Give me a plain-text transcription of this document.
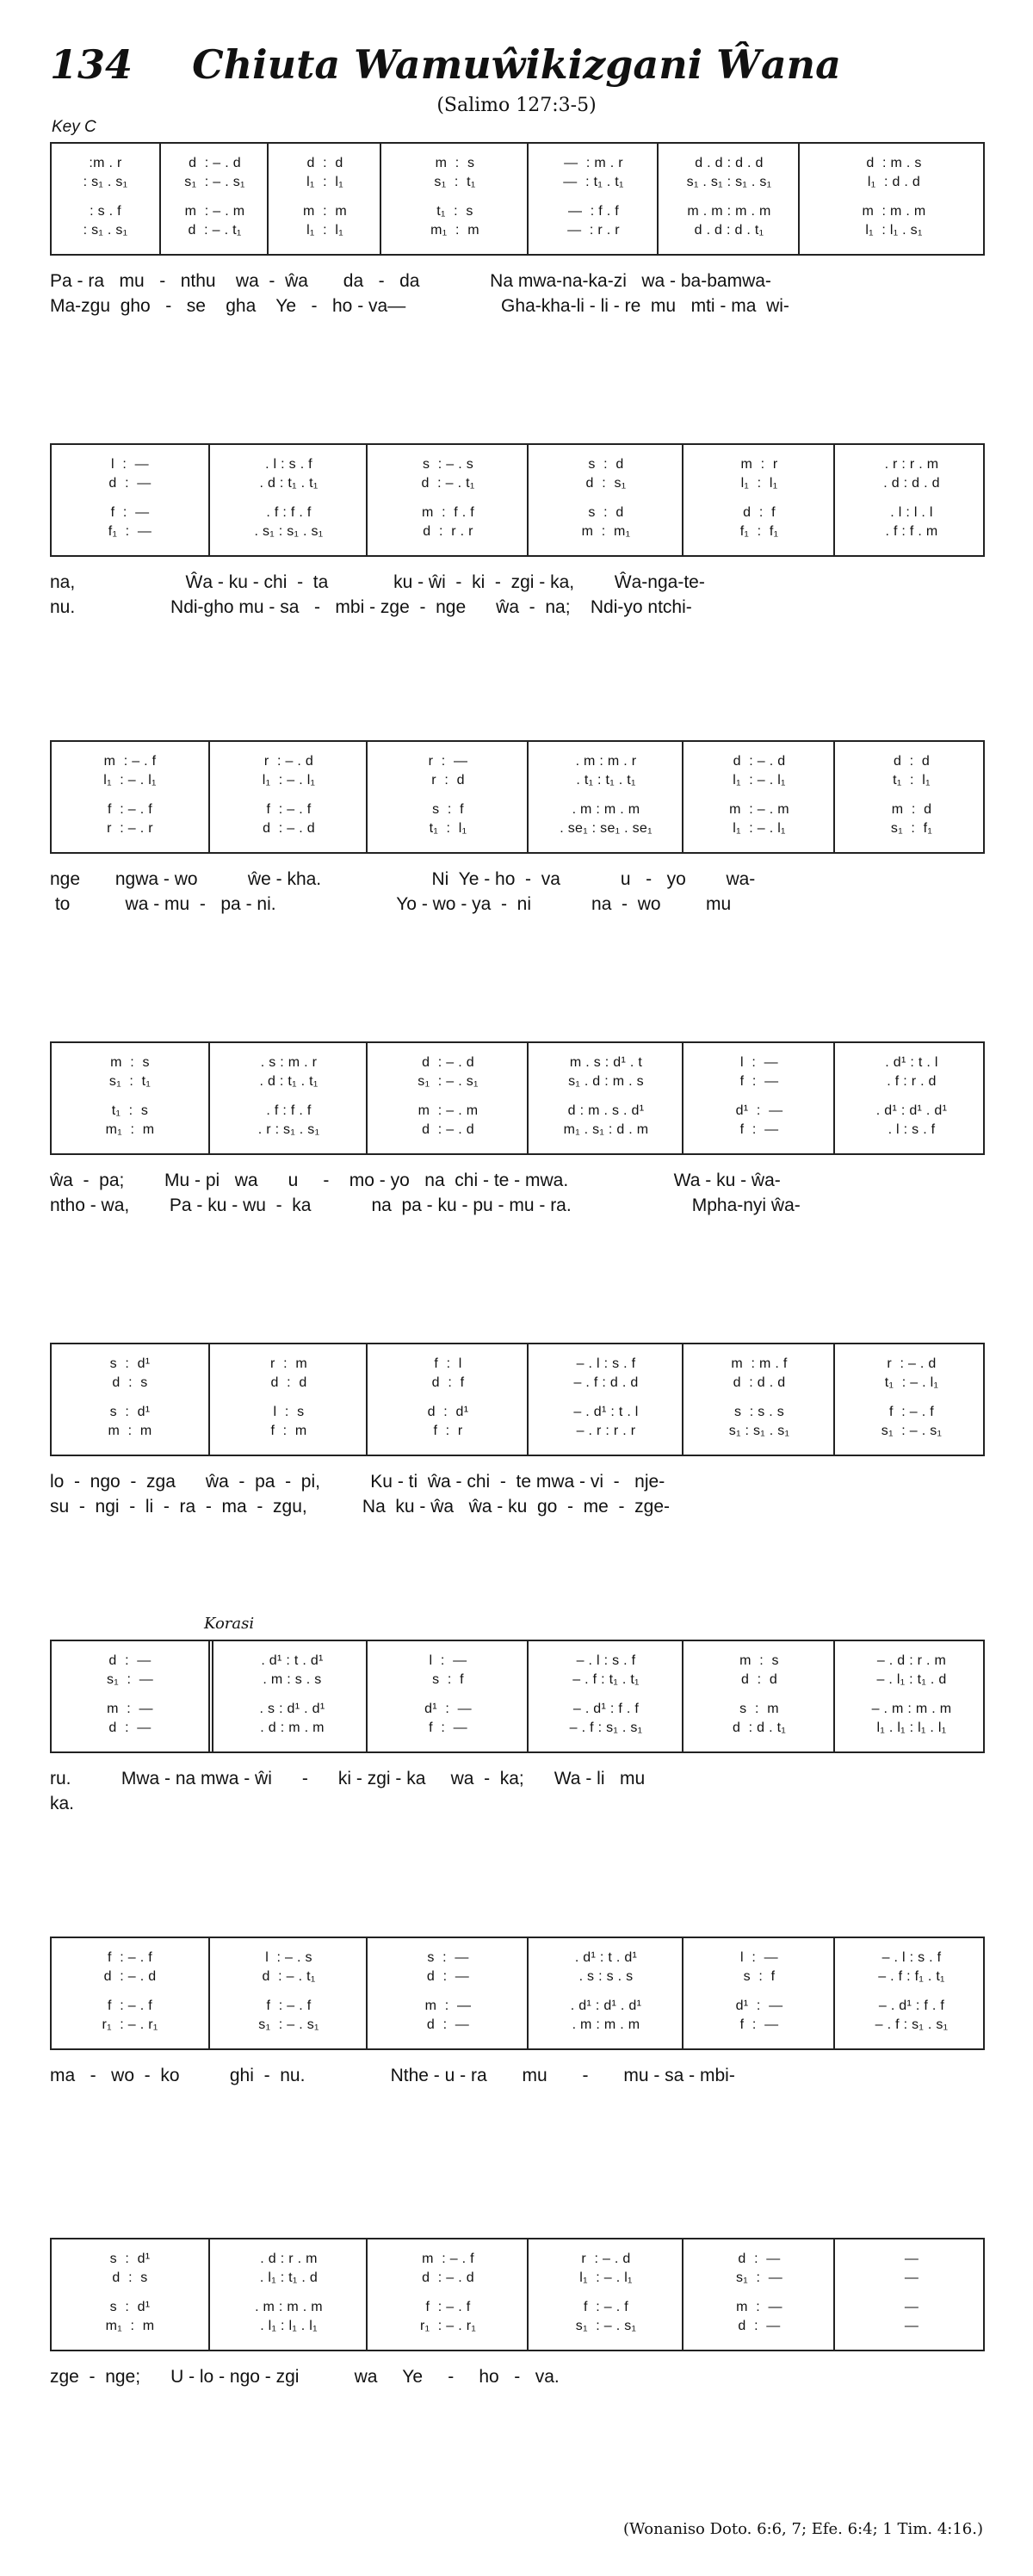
134	Chiuta Wamuŵikizgani Ŵana
(Salimo 127:3-5)
Key C
Korasi
:m . r
: s₁ . s₁
: s . f
: s₁ . s₁
d  : – . d
s₁  : – . s₁
m  : – . m
d  : – . t₁
d  :  d
l₁  :  l₁
m  :  m
l₁  :  l₁
m  :  s
s₁  :  t₁
t₁  :  s
m₁  :  m
—  : m . r
—  : t₁ . t₁
—  : f . f
—  : r . r
d . d : d . d
s₁ . s₁ : s₁ . s₁
m . m : m . m
d . d : d . t₁
d  : m . s
l₁  : d . d
m  : m . m
l₁  : l₁ . s₁
Pa - ra   mu   -   nthu    wa  -  ŵa       da   -   da              Na mwa-na-ka-zi   wa - ba-bamwa-
Ma-zgu  gho   -   se    gha    Ye   -   ho - va—                   Gha-kha-li - li - re  mu   mti - ma  wi-
l  :  —
d  :  —
f  :  —
f₁  :  —
. l : s . f
. d : t₁ . t₁
. f : f . f
. s₁ : s₁ . s₁
s  : – . s
d  : – . t₁
m  :  f . f
d  :  r . r
s  :  d
d  :  s₁
s  :  d
m  :  m₁
m  :  r
l₁  :  l₁
d  :  f
f₁  :  f₁
. r : r . m
. d : d . d
. l : l . l
. f : f . m
na,                      Ŵa - ku - chi  -  ta             ku - ŵi  -  ki  -  zgi - ka,        Ŵa-nga-te-
nu.                   Ndi-gho mu - sa   -   mbi - zge  -  nge      ŵa  -  na;    Ndi-yo ntchi-
m  : – . f
l₁  : – . l₁
f  : – . f
r  : – . r
r  : – . d
l₁  : – . l₁
f  : – . f
d  : – . d
r  :  —
r  :  d
s  :  f
t₁  :  l₁
. m : m . r
. t₁ : t₁ . t₁
. m : m . m
. se₁ : se₁ . se₁
d  : – . d
l₁  : – . l₁
m  : – . m
l₁  : – . l₁
d  :  d
t₁  :  l₁
m  :  d
s₁  :  f₁
nge       ngwa - wo          ŵe - kha.                      Ni  Ye - ho  -  va            u   -   yo        wa-
to           wa - mu  -   pa - ni.                        Yo - wo - ya  -  ni            na  -  wo         mu
m  :  s
s₁  :  t₁
t₁  :  s
m₁  :  m
. s : m . r
. d : t₁ . t₁
. f : f . f
. r : s₁ . s₁
d  : – . d
s₁  : – . s₁
m  : – . m
d  : – . d
m . s : d¹ . t
s₁ . d : m . s
d : m . s . d¹
m₁ . s₁ : d . m
l  :  —
f  :  —
d¹  :  —
f  :  —
. d¹ : t . l
. f : r . d
. d¹ : d¹ . d¹
. l : s . f
ŵa  -  pa;        Mu - pi   wa      u     -    mo - yo   na  chi - te - mwa.                     Wa - ku - ŵa-
ntho - wa,        Pa - ku - wu  -  ka            na  pa - ku - pu - mu - ra.                        Mpha-nyi ŵa-
s  :  d¹
d  :  s
s  :  d¹
m  :  m
r  :  m
d  :  d
l  :  s
f  :  m
f  :  l
d  :  f
d  :  d¹
f  :  r
– . l : s . f
– . f : d . d
– . d¹ : t . l
– . r : r . r
m  : m . f
d  : d . d
s  : s . s
s₁ : s₁ . s₁
r  : – . d
t₁  : – . l₁
f  : – . f
s₁  : – . s₁
lo  -  ngo  -  zga      ŵa  -  pa  -  pi,          Ku - ti  ŵa - chi  -  te mwa - vi  -   nje-
su  -  ngi  -  li  -  ra  -  ma  -  zgu,           Na  ku - ŵa   ŵa - ku  go  -  me  -  zge-
d  :  —
s₁  :  —
m  :  —
d  :  —
. d¹ : t . d¹
. m : s . s
. s : d¹ . d¹
. d : m . m
l  :  —
s  :  f
d¹  :  —
f  :  —
– . l : s . f
– . f : t₁ . t₁
– . d¹ : f . f
– . f : s₁ . s₁
m  :  s
d  :  d
s  :  m
d  : d . t₁
– . d : r . m
– . l₁ : t₁ . d
– . m : m . m
l₁ . l₁ : l₁ . l₁
ru.          Mwa - na mwa - ŵi      -      ki - zgi - ka     wa  -  ka;      Wa - li   mu
ka.
f  : – . f
d  : – . d
f  : – . f
r₁  : – . r₁
l  : – . s
d  : – . t₁
f  : – . f
s₁  : – . s₁
s  :  —
d  :  —
m  :  —
d  :  —
. d¹ : t . d¹
. s : s . s
. d¹ : d¹ . d¹
. m : m . m
l  :  —
s  :  f
d¹  :  —
f  :  —
– . l : s . f
– . f : f₁ . t₁
– . d¹ : f . f
– . f : s₁ . s₁
ma   -   wo  -  ko          ghi  -  nu.                 Nthe - u - ra       mu       -       mu - sa - mbi-
s  :  d¹
d  :  s
s  :  d¹
m₁  :  m
. d : r . m
. l₁ : t₁ . d
. m : m . m
. l₁ : l₁ . l₁
m  : – . f
d  : – . d
f  : – . f
r₁  : – . r₁
r  : – . d
l₁  : – . l₁
f  : – . f
s₁  : – . s₁
d  :  —
s₁  :  —
m  :  —
d  :  —
—
—
—
—
zge  -  nge;      U - lo - ngo - zgi           wa     Ye     -     ho   -   va.
(Wonaniso Doto. 6:6, 7; Efe. 6:4; 1 Tim. 4:16.)
